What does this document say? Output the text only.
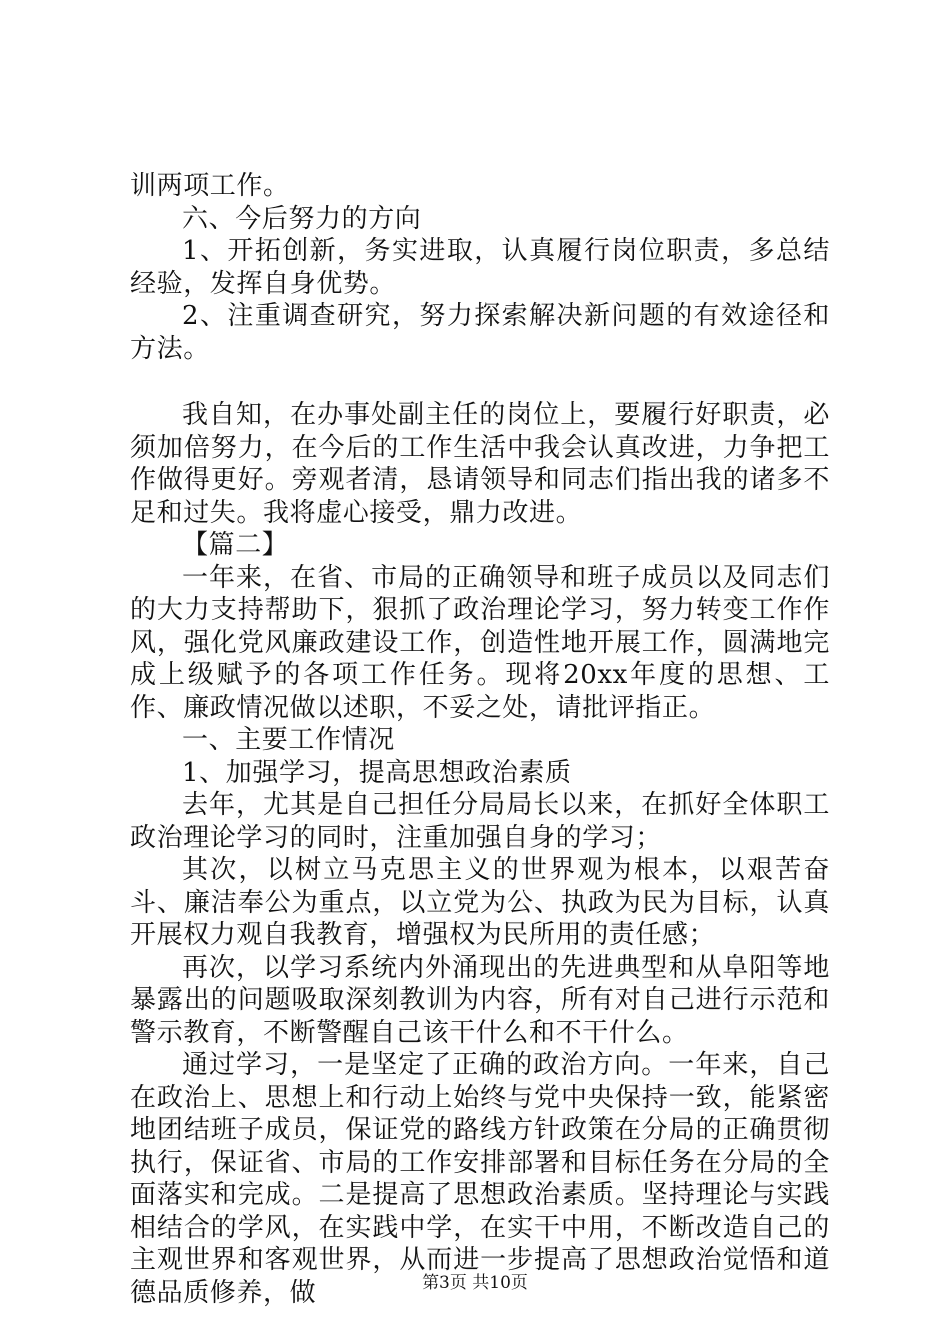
训两项工作。

六、今后努力的方向

1、开拓创新，务实进取，认真履行岗位职责，多总结经验，发挥自身优势。

2、注重调查研究，努力探索解决新问题的有效途径和方法。

我自知，在办事处副主任的岗位上，要履行好职责，必须加倍努力，在今后的工作生活中我会认真改进，力争把工作做得更好。旁观者清，恳请领导和同志们指出我的诸多不足和过失。我将虚心接受，鼎力改进。

【篇二】

一年来，在省、市局的正确领导和班子成员以及同志们的大力支持帮助下，狠抓了政治理论学习，努力转变工作作风，强化党风廉政建设工作，创造性地开展工作，圆满地完成上级赋予的各项工作任务。现将20xx年度的思想、工作、廉政情况做以述职，不妥之处，请批评指正。

一、主要工作情况

1、加强学习，提高思想政治素质

去年，尤其是自己担任分局局长以来，在抓好全体职工政治理论学习的同时，注重加强自身的学习；

其次，以树立马克思主义的世界观为根本，以艰苦奋斗、廉洁奉公为重点，以立党为公、执政为民为目标，认真开展权力观自我教育，增强权为民所用的责任感；

再次，以学习系统内外涌现出的先进典型和从阜阳等地暴露出的问题吸取深刻教训为内容，所有对自己进行示范和警示教育，不断警醒自己该干什么和不干什么。

通过学习，一是坚定了正确的政治方向。一年来，自己在政治上、思想上和行动上始终与党中央保持一致，能紧密地团结班子成员，保证党的路线方针政策在分局的正确贯彻执行，保证省、市局的工作安排部署和目标任务在分局的全面落实和完成。二是提高了思想政治素质。坚持理论与实践相结合的学风，在实践中学，在实干中用，不断改造自己的主观世界和客观世界，从而进一步提高了思想政治觉悟和道德品质修养，做	第3页 共10页
